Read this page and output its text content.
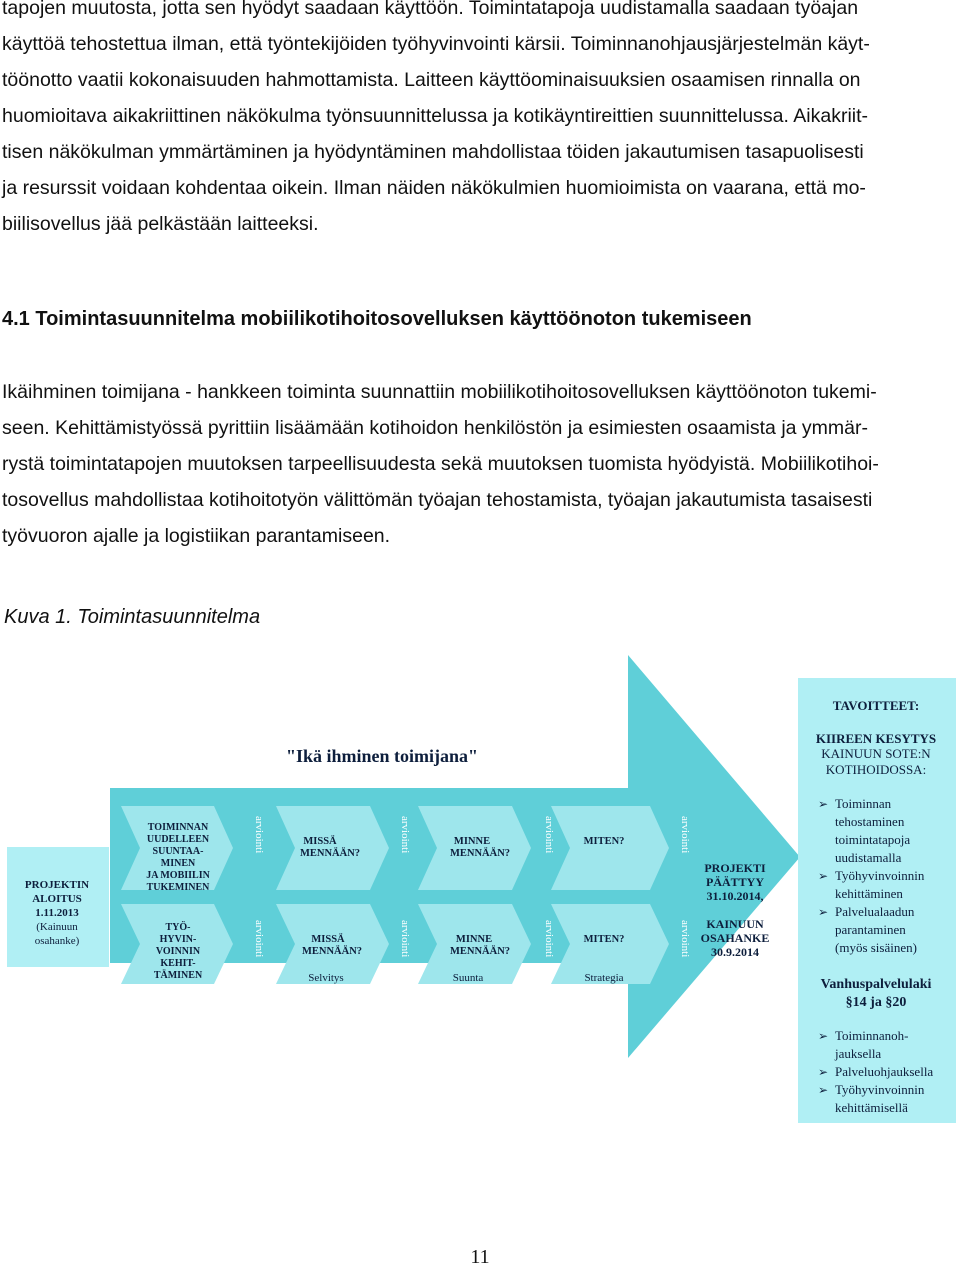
tapojen muutosta, jotta sen hyödyt saadaan käyttöön. Toimintatapoja uudistamalla saadaan työajan
käyttöä tehostettua ilman, että työntekijöiden työhyvinvointi kärsii. Toiminnanohjausjärjestelmän käyt-
töönotto vaatii kokonaisuuden hahmottamista. Laitteen käyttöominaisuuksien osaamisen rinnalla on
huomioitava aikakriittinen näkökulma työnsuunnittelussa ja kotikäyntireittien suunnittelussa. Aikakriit-
tisen näkökulman ymmärtäminen ja hyödyntäminen mahdollistaa töiden jakautumisen tasapuolisesti
ja resurssit voidaan kohdentaa oikein. Ilman näiden näkökulmien huomioimista on vaarana, että mo-
biilisovellus jää pelkästään laitteeksi.
4.1 Toimintasuunnitelma mobiilikotihoitosovelluksen käyttöönoton tukemiseen
Ikäihminen toimijana - hankkeen toiminta suunnattiin mobiilikotihoitosovelluksen käyttöönoton tukemi-
seen. Kehittämistyössä pyrittiin lisäämään kotihoidon henkilöstön ja esimiesten osaamista ja ymmär-
rystä toimintatapojen muutoksen tarpeellisuudesta sekä muutoksen tuomista hyödyistä. Mobiilikotihoi-
tosovellus mahdollistaa kotihoitotyön välittömän työajan tehostamista, työajan jakautumista tasaisesti
työvuoron ajalle ja logistiikan parantamiseen.
Kuva 1. Toimintasuunnitelma
"Ikä ihminen toimijana"
PROJEKTIN
ALOITUS
1.11.2013
(Kainuun
osahanke)
TOIMINNAN
UUDELLEEN
SUUNTAA-
MINEN
JA MOBIILIN
TUKEMINEN
TYÖ-
HYVIN-
VOINNIN
KEHIT-
TÄMINEN
MISSÄ
MENNÄÄN?
MINNE
MENNÄÄN?
MITEN?
MISSÄ
MENNÄÄN?
MINNE
MENNÄÄN?
MITEN?
Selvitys	Suunta	Strategia
arviointi	arviointi	arviointi	arviointi
arviointi	arviointi	arviointi	arviointi
PROJEKTI
PÄÄTTYY
31.10.2014,
KAINUUN
OSAHANKE
30.9.2014
TAVOITTEET:
KIIREEN KESYTYS
KAINUUN SOTE:N
KOTIHOIDOSSA:
➢ Toiminnan
tehostaminen
toimintatapoja
uudistamalla
➢ Työhyvinvoinnin
kehittäminen
➢ Palvelualaadun
parantaminen
(myös sisäinen)
Vanhuspalvelulaki
§14 ja §20
➢ Toiminnanoh-
jauksella
➢ Palveluohjauksella
➢ Työhyvinvoinnin
kehittämisellä
11
